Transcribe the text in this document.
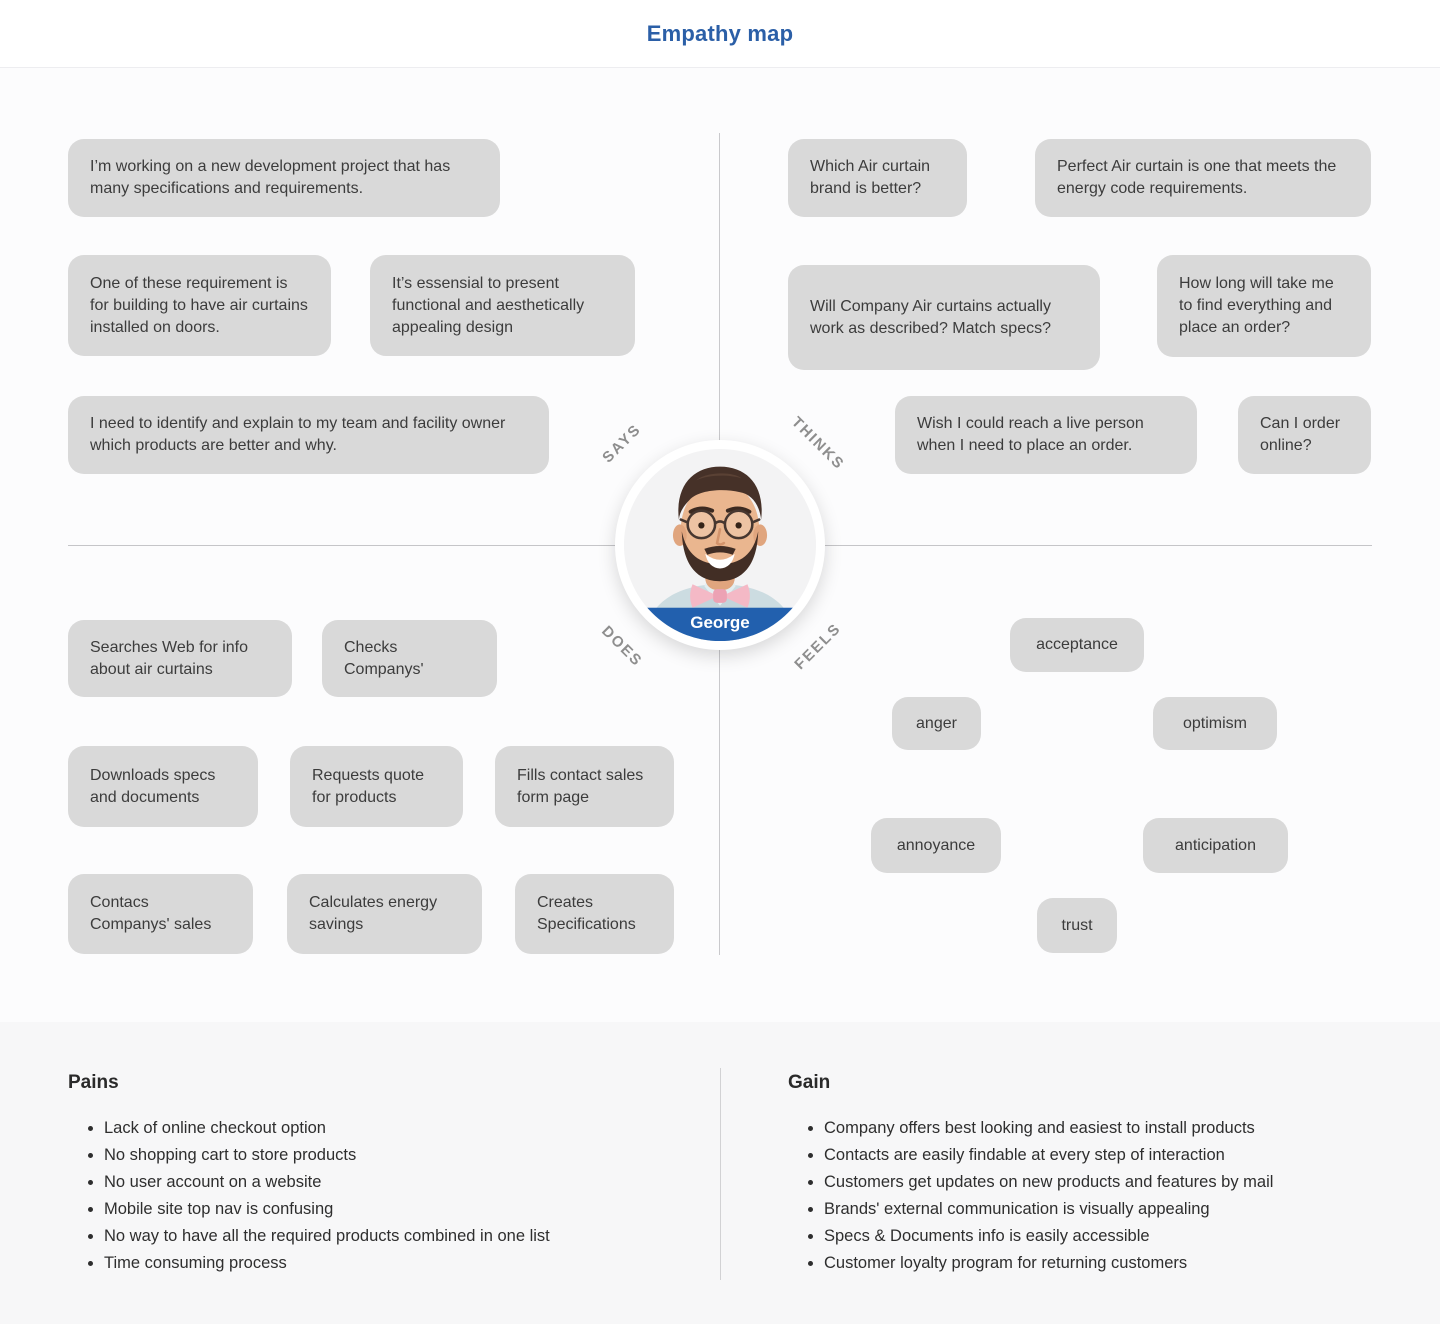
Empathy map
I’m working on a new development project that has many specifications and requirements.
One of these requirement is for building to have air curtains installed on doors.
It’s essensial to present functional and aesthetically appealing design
I need to identify and explain to my team and facility owner which products are better and why.
Which Air curtain brand is better?
Perfect Air curtain is one that meets the energy code requirements.
Will Company Air curtains actually work as described? Match specs?
How long will take me to find everything and place an order?
Wish I could reach a live person when I need to place an order.
Can I order online?
Searches Web for info about air curtains
Checks Companys'
Downloads specs and documents
Requests quote for products
Fills contact sales form page
Contacs Companys' sales
Calculates energy savings
Creates Specifications
acceptance
anger	optimism
annoyance	anticipation
trust
SAYS	THINKS
DOES	FEELS
George
Pains
• Lack of online checkout option
• No shopping cart to store products
• No user account on a website
• Mobile site top nav is confusing
• No way to have all the required products combined in one list
• Time consuming process
Gain
• Company offers best looking and easiest to install products
• Contacts are easily findable at every step of interaction
• Customers get updates on new products and features by mail
• Brands' external communication is visually appealing
• Specs & Documents info is easily accessible
• Customer loyalty program for returning customers
